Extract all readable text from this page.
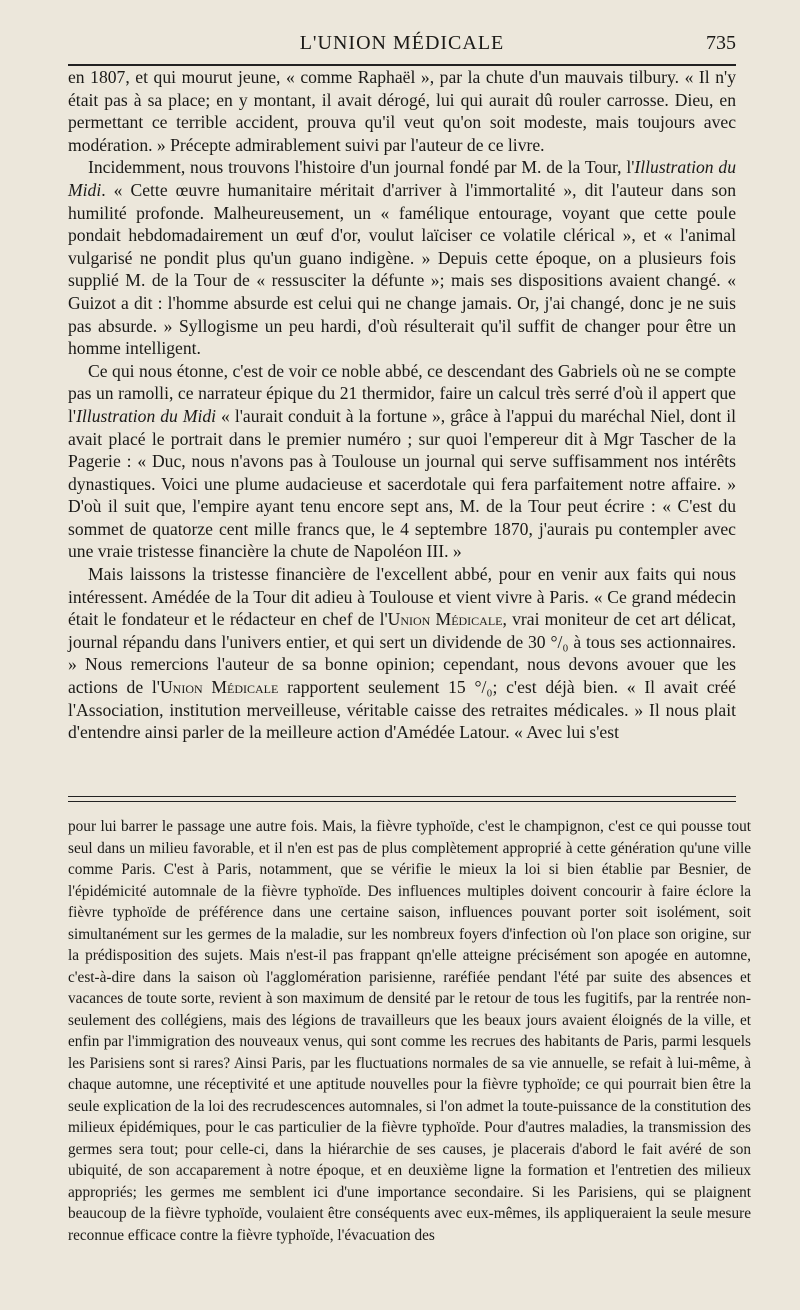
L'UNION MÉDICALE	735

en 1807, et qui mourut jeune, « comme Raphaël », par la chute d'un mauvais tilbury. « Il n'y était pas à sa place; en y montant, il avait dérogé, lui qui aurait dû rouler carrosse. Dieu, en permettant ce terrible accident, prouva qu'il veut qu'on soit modeste, mais toujours avec modération. » Précepte admirablement suivi par l'auteur de ce livre.

Incidemment, nous trouvons l'histoire d'un journal fondé par M. de la Tour, l'Illustration du Midi. « Cette œuvre humanitaire méritait d'arriver à l'immortalité », dit l'auteur dans son humilité profonde. Malheureusement, un « famélique entourage, voyant que cette poule pondait hebdomadairement un œuf d'or, voulut laïciser ce volatile clérical », et « l'animal vulgarisé ne pondit plus qu'un guano indigène. » Depuis cette époque, on a plusieurs fois supplié M. de la Tour de « ressusciter la défunte »; mais ses dispositions avaient changé. « Guizot a dit : l'homme absurde est celui qui ne change jamais. Or, j'ai changé, donc je ne suis pas absurde. » Syllogisme un peu hardi, d'où résulterait qu'il suffit de changer pour être un homme intelligent.

Ce qui nous étonne, c'est de voir ce noble abbé, ce descendant des Gabriels où ne se compte pas un ramolli, ce narrateur épique du 21 thermidor, faire un calcul très serré d'où il appert que l'Illustration du Midi « l'aurait conduit à la fortune », grâce à l'appui du maréchal Niel, dont il avait placé le portrait dans le premier numéro ; sur quoi l'empereur dit à Mgr Tascher de la Pagerie : « Duc, nous n'avons pas à Toulouse un journal qui serve suffisamment nos intérêts dynastiques. Voici une plume audacieuse et sacerdotale qui fera parfaitement notre affaire. » D'où il suit que, l'empire ayant tenu encore sept ans, M. de la Tour peut écrire : « C'est du sommet de quatorze cent mille francs que, le 4 septembre 1870, j'aurais pu contempler avec une vraie tristesse financière la chute de Napoléon III. »

Mais laissons la tristesse financière de l'excellent abbé, pour en venir aux faits qui nous intéressent. Amédée de la Tour dit adieu à Toulouse et vient vivre à Paris. « Ce grand médecin était le fondateur et le rédacteur en chef de l'Union Médicale, vrai moniteur de cet art délicat, journal répandu dans l'univers entier, et qui sert un dividende de 30 °/₀ à tous ses actionnaires. » Nous remercions l'auteur de sa bonne opinion; cependant, nous devons avouer que les actions de l'Union Médicale rapportent seulement 15 °/₀; c'est déjà bien. « Il avait créé l'Association, institution merveilleuse, véritable caisse des retraites médicales. » Il nous plait d'entendre ainsi parler de la meilleure action d'Amédée Latour. « Avec lui s'est

pour lui barrer le passage une autre fois. Mais, la fièvre typhoïde, c'est le champignon, c'est ce qui pousse tout seul dans un milieu favorable, et il n'en est pas de plus complètement approprié à cette génération qu'une ville comme Paris. C'est à Paris, notamment, que se vérifie le mieux la loi si bien établie par Besnier, de l'épidémicité automnale de la fièvre typhoïde. Des influences multiples doivent concourir à faire éclore la fièvre typhoïde de préférence dans une certaine saison, influences pouvant porter soit isolément, soit simultanément sur les germes de la maladie, sur les nombreux foyers d'infection où l'on place son origine, sur la prédisposition des sujets. Mais n'est-il pas frappant qn'elle atteigne précisément son apogée en automne, c'est-à-dire dans la saison où l'agglomération parisienne, raréfiée pendant l'été par suite des absences et vacances de toute sorte, revient à son maximum de densité par le retour de tous les fugitifs, par la rentrée non-seulement des collégiens, mais des légions de travailleurs que les beaux jours avaient éloignés de la ville, et enfin par l'immigration des nouveaux venus, qui sont comme les recrues des habitants de Paris, parmi lesquels les Parisiens sont si rares? Ainsi Paris, par les fluctuations normales de sa vie annuelle, se refait à lui-même, à chaque automne, une réceptivité et une aptitude nouvelles pour la fièvre typhoïde; ce qui pourrait bien être la seule explication de la loi des recrudescences automnales, si l'on admet la toute-puissance de la constitution des milieux épidémiques, pour le cas particulier de la fièvre typhoïde. Pour d'autres maladies, la transmission des germes sera tout; pour celle-ci, dans la hiérarchie de ses causes, je placerais d'abord le fait avéré de son ubiquité, de son accaparement à notre époque, et en deuxième ligne la formation et l'entretien des milieux appropriés; les germes me semblent ici d'une importance secondaire. Si les Parisiens, qui se plaignent beaucoup de la fièvre typhoïde, voulaient être conséquents avec eux-mêmes, ils appliqueraient la seule mesure reconnue efficace contre la fièvre typhoïde, l'évacuation des
